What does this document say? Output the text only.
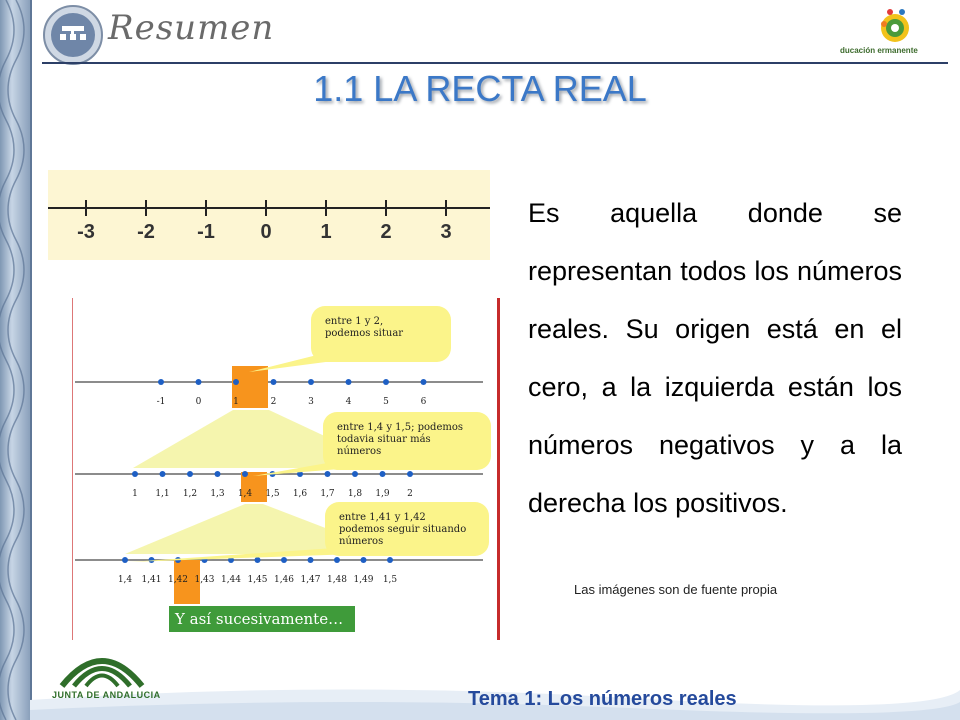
Resumen
ducación ermanente
1.1 LA RECTA REAL
-3 -2 -1 0 1 2 3
-1	0	1	2	3	4	5	6
entre 1 y 2,
podemos situar
1 1,1 1,2 1,3 1,4 1,5 1,6 1,7 1,8 1,9 2
entre 1,4 y 1,5; podemos
todavia situar más
números
1,4 1,41 1,42 1,43 1,44 1,45 1,46 1,47 1,48 1,49 1,5
entre 1,41 y 1,42
podemos seguir situando
números
Y así sucesivamente…
Es aquella donde se representan todos los números reales. Su origen está en el cero, a la izquierda están los números negativos y a la derecha los positivos.
Las imágenes son de fuente propia
JUNTA DE ANDALUCIA	Tema 1: Los números reales
